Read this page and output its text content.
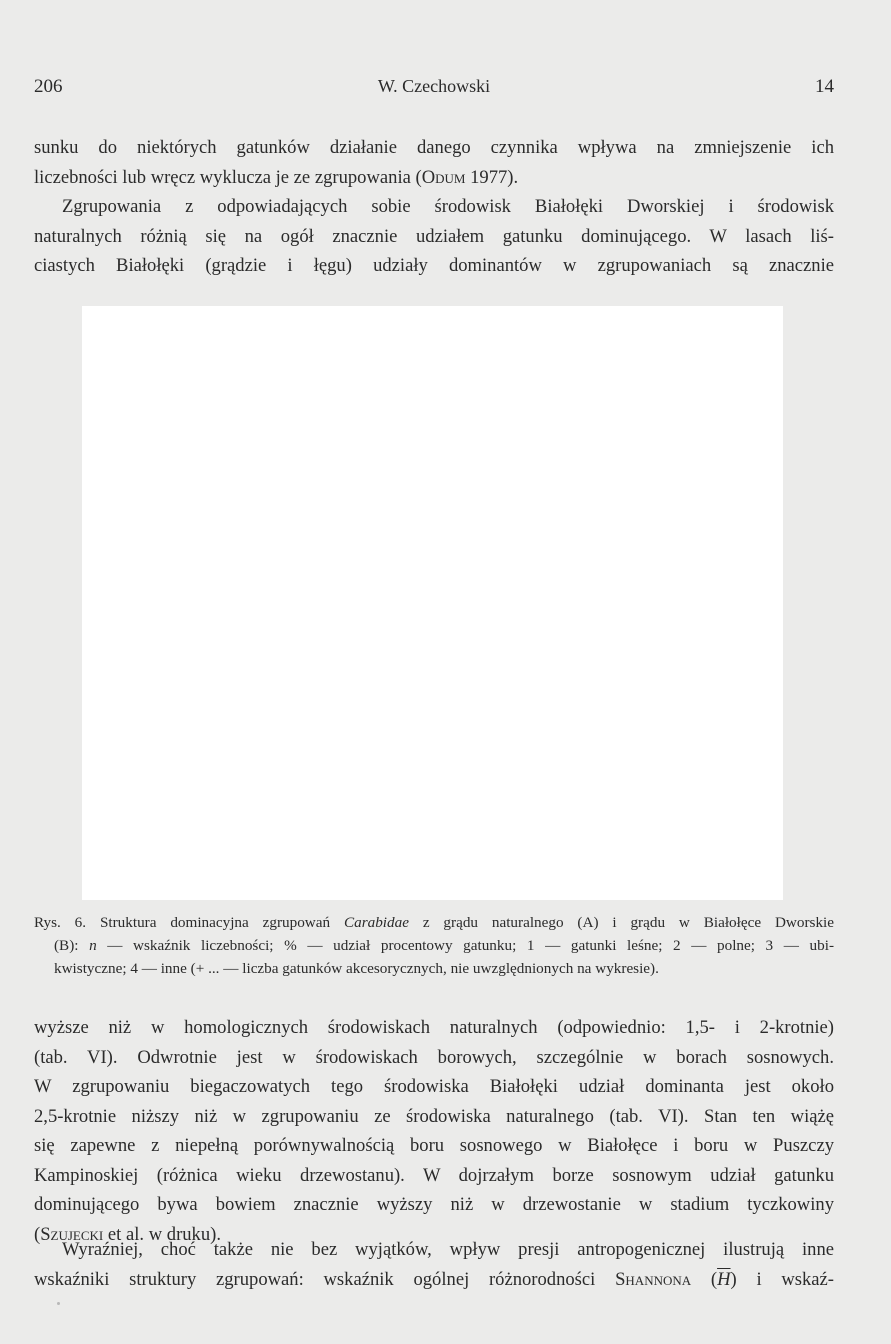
206	W. Czechowski	14

sunku do niektórych gatunków działanie danego czynnika wpływa na zmniejszenie ich
liczebności lub wręcz wyklucza je ze zgrupowania (Odum 1977).

Zgrupowania z odpowiadających sobie środowisk Białołęki Dworskiej i środowisk
naturalnych różnią się na ogół znacznie udziałem gatunku dominującego. W lasach liś-
ciastych Białołęki (grądzie i łęgu) udziały dominantów w zgrupowaniach są znacznie

Rys. 6. Struktura dominacyjna zgrupowań Carabidae z grądu naturalnego (A) i grądu w Białołęce Dworskie
(B): n — wskaźnik liczebności; % — udział procentowy gatunku; 1 — gatunki leśne; 2 — polne; 3 — ubi-
kwistyczne; 4 — inne (+ ... — liczba gatunków akcesorycznych, nie uwzględnionych na wykresie).

wyższe niż w homologicznych środowiskach naturalnych (odpowiednio: 1,5- i 2-krotnie)
(tab. VI). Odwrotnie jest w środowiskach borowych, szczególnie w borach sosnowych.
W zgrupowaniu biegaczowatych tego środowiska Białołęki udział dominanta jest około
2,5-krotnie niższy niż w zgrupowaniu ze środowiska naturalnego (tab. VI). Stan ten wiążę
się zapewne z niepełną porównywalnością boru sosnowego w Białołęce i boru w Puszczy
Kampinoskiej (różnica wieku drzewostanu). W dojrzałym borze sosnowym udział gatunku
dominującego bywa bowiem znacznie wyższy niż w drzewostanie w stadium tyczkowiny
(Szujecki et al. w druku).

Wyraźniej, choć także nie bez wyjątków, wpływ presji antropogenicznej ilustrują inne
wskaźniki struktury zgrupowań: wskaźnik ogólnej różnorodności Shannona $(\overline{H})$ i wskaź-
